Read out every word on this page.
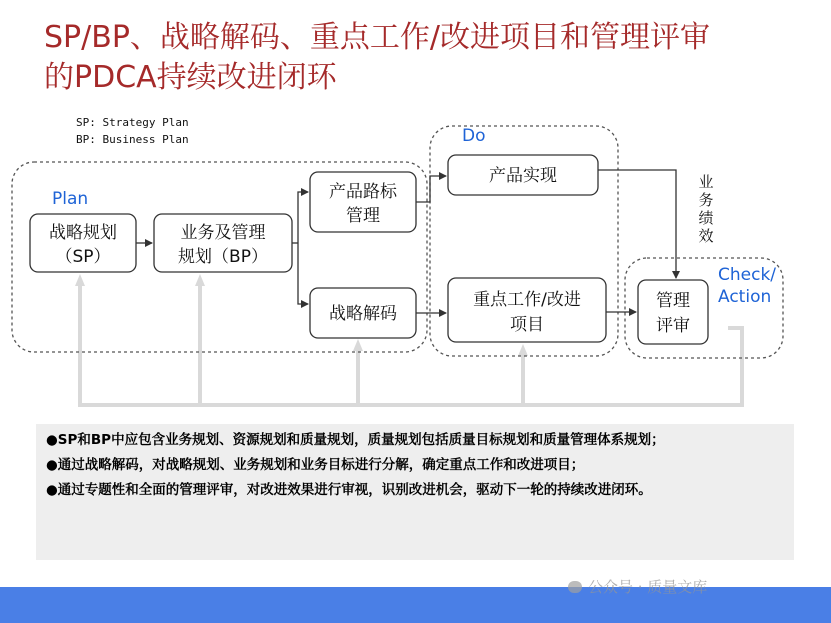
SP/BP、战略解码、重点工作/改进项目和管理评审
的PDCA持续改进闭环
SP: Strategy Plan
BP: Business Plan
Plan
Do
Check/
Action
战略规划
（SP）
业务及管理
规划（BP）
产品路标
管理
战略解码
产品实现
重点工作/改进
项目
管理
评审
业
务
绩
效

●SP和BP中应包含业务规划、资源规划和质量规划，质量规划包括质量目标规划和质量管理体系规划；

●通过战略解码，对战略规划、业务规划和业务目标进行分解，确定重点工作和改进项目；

●通过专题性和全面的管理评审，对改进效果进行审视，识别改进机会，驱动下一轮的持续改进闭环。

公众号 · 质量文库
